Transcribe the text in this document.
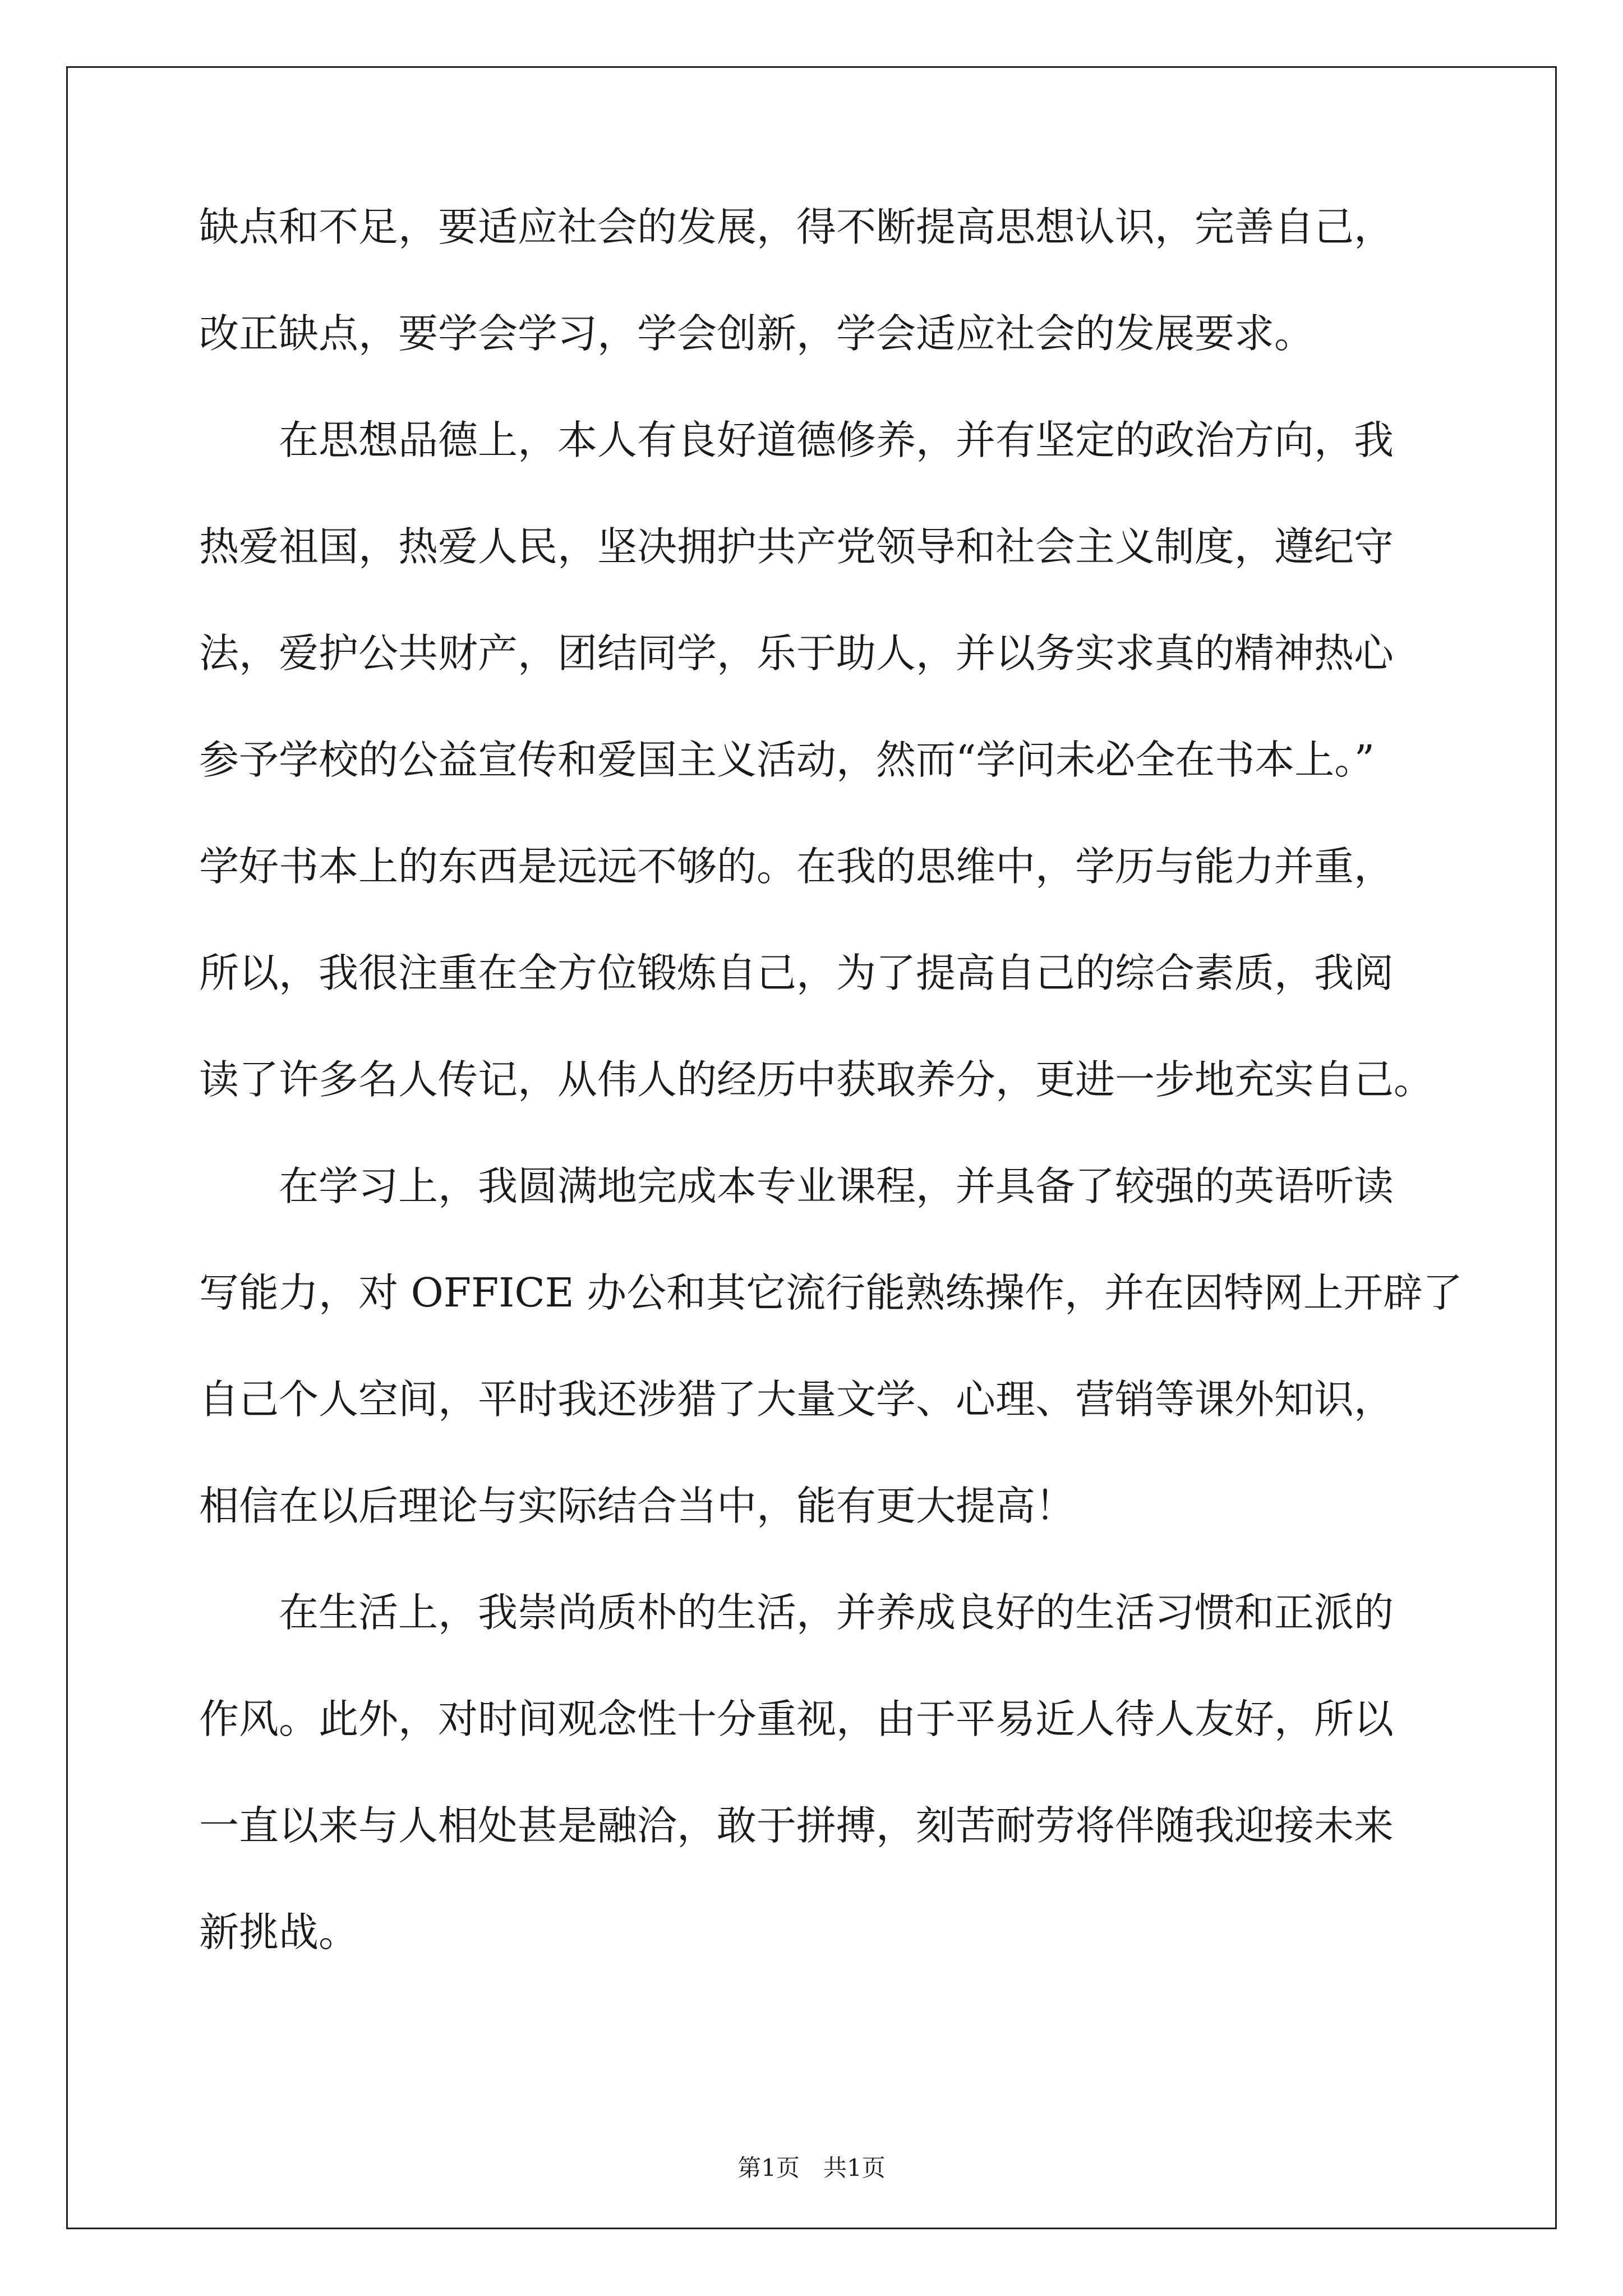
缺点和不足，要适应社会的发展，得不断提高思想认识，完善自己，
改正缺点，要学会学习，学会创新，学会适应社会的发展要求。
在思想品德上，本人有良好道德修养，并有坚定的政治方向，我
热爱祖国，热爱人民，坚决拥护共产党领导和社会主义制度，遵纪守
法，爱护公共财产，团结同学，乐于助人，并以务实求真的精神热心
参予学校的公益宣传和爱国主义活动，然而“学问未必全在书本上。”
学好书本上的东西是远远不够的。在我的思维中，学历与能力并重，
所以，我很注重在全方位锻炼自己，为了提高自己的综合素质，我阅
读了许多名人传记，从伟人的经历中获取养分，更进一步地充实自己。
在学习上，我圆满地完成本专业课程，并具备了较强的英语听读
写能力，对 OFFICE 办公和其它流行能熟练操作，并在因特网上开辟了
自己个人空间，平时我还涉猎了大量文学、心理、营销等课外知识，
相信在以后理论与实际结合当中，能有更大提高！
在生活上，我崇尚质朴的生活，并养成良好的生活习惯和正派的
作风。此外，对时间观念性十分重视，由于平易近人待人友好，所以
一直以来与人相处甚是融洽，敢于拼搏，刻苦耐劳将伴随我迎接未来
新挑战。
第1页　共1页
